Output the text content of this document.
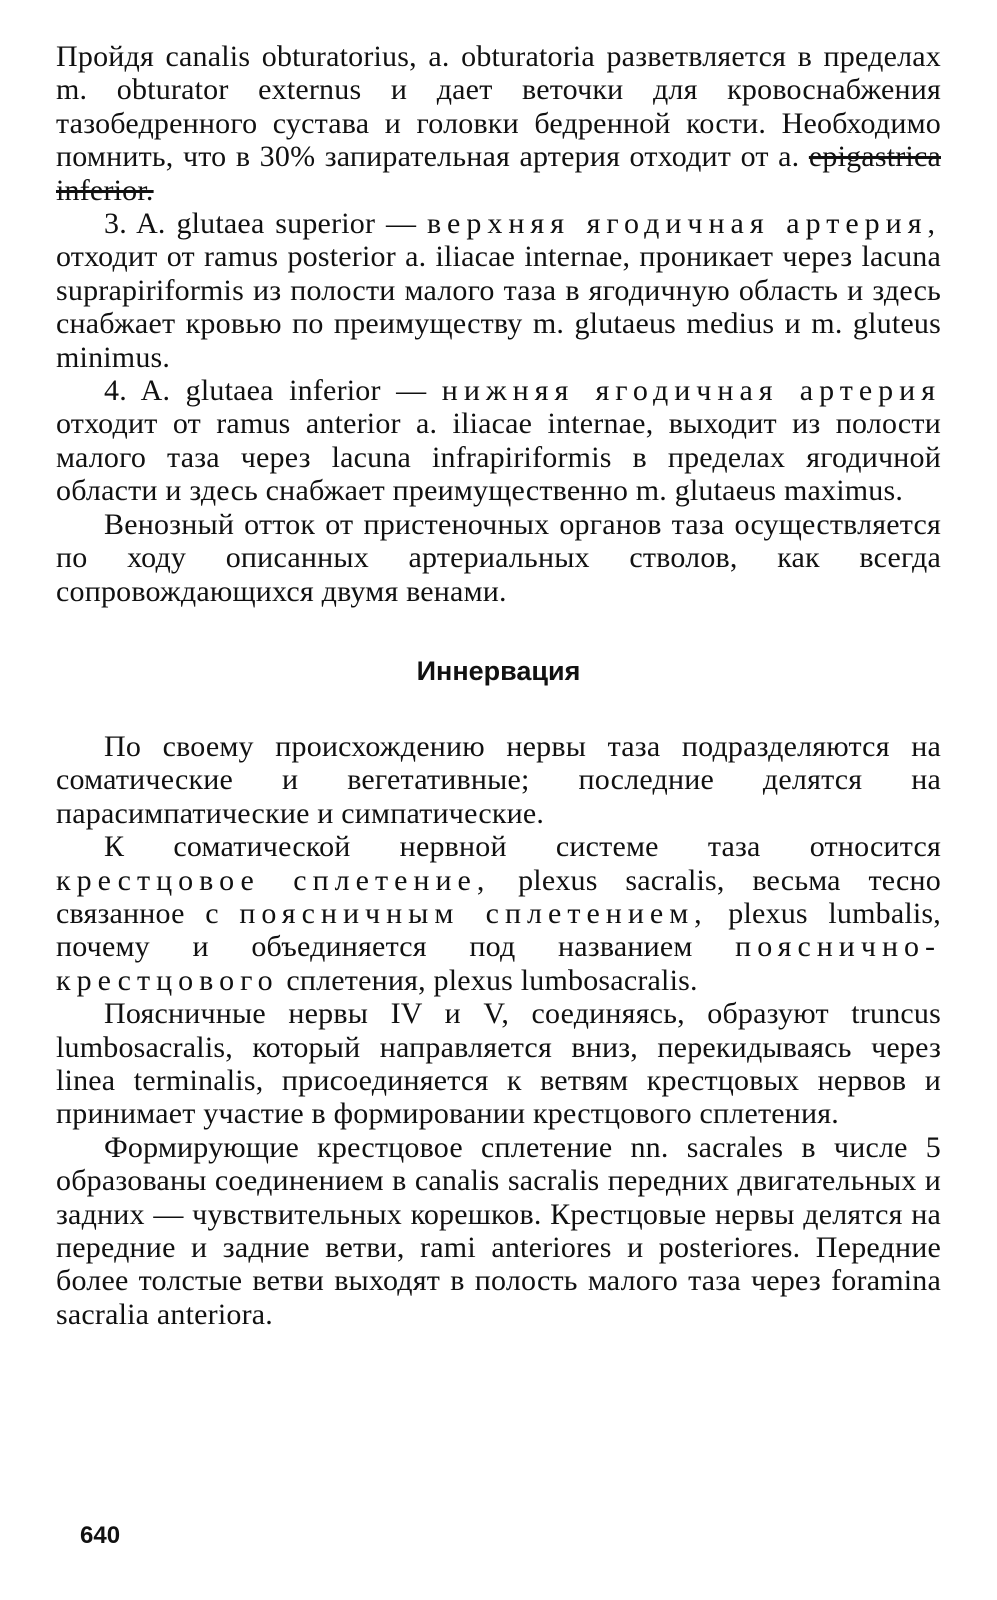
Пройдя canalis obturatorius, a. obturatoria разветвляется в пределах m. obturator externus и дает веточки для кровоснабжения тазобедренного сустава и головки бедренной кости. Необходимо помнить, что в 30% запирательная артерия отходит от а. epigastrica inferior.

3. A. glutaea superior — верхняя ягодичная артерия, отходит от ramus posterior a. iliacae internae, проникает через lacuna suprapiriformis из полости малого таза в ягодичную область и здесь снабжает кровью по преимуществу m. glutaeus medius и m. glutеus minimus.

4. A. glutaea inferior — нижняя ягодичная артерия отходит от ramus anterior a. iliacae internae, выходит из полости малого таза через lacuna infrapiriformis в пределах ягодичной области и здесь снабжает преимущественно m. glutaeus maximus.

Венозный отток от пристеночных органов таза осуществляется по ходу описанных артериальных стволов, как всегда сопровождающихся двумя венами.

Иннервация

По своему происхождению нервы таза подразделяются на соматические и вегетативные; последние делятся на парасимпатические и симпатические.

К соматической нервной системе таза относится крестцовое сплетение, plexus sacralis, весьма тесно связанное с поясничным сплетением, plexus lumbalis, почему и объединяется под названием пояснично-крестцового сплетения, plexus lumbosacralis.

Поясничные нервы IV и V, соединяясь, образуют truncus lumbosacralis, который направляется вниз, перекидываясь через linea terminalis, присоединяется к ветвям крестцовых нервов и принимает участие в формировании крестцового сплетения.

Формирующие крестцовое сплетение nn. sacrales в числе 5 образованы соединением в canalis sacralis передних двигательных и задних — чувствительных корешков. Крестцовые нервы делятся на передние и задние ветви, rami anteriores и posteriores. Передние более толстые ветви выходят в полость малого таза через foramina sacralia anteriora.

640
